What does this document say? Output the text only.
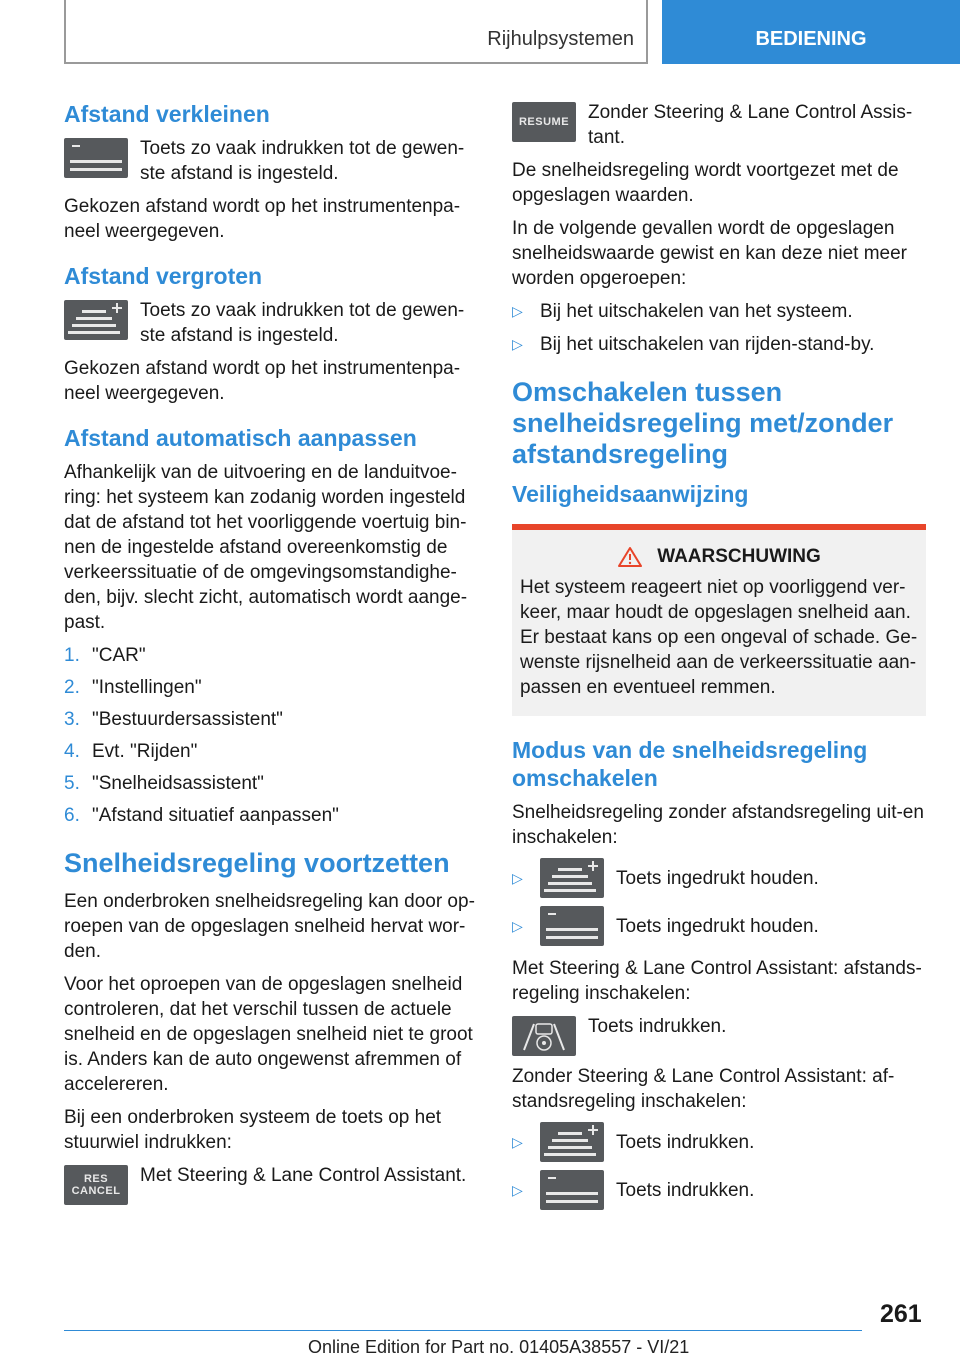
Rijhulpsystemen	BEDIENING
Afstand verkleinen
Toets zo vaak indrukken tot de gewen-ste afstand is ingesteld.

Gekozen afstand wordt op het instrumentenpa-neel weergegeven.

Afstand vergroten
Toets zo vaak indrukken tot de gewen-ste afstand is ingesteld.

Gekozen afstand wordt op het instrumentenpa-neel weergegeven.

Afstand automatisch aanpassen

Afhankelijk van de uitvoering en de landuitvoe-ring: het systeem kan zodanig worden ingesteld dat de afstand tot het voorliggende voertuig bin-nen de ingestelde afstand overeenkomstig de verkeerssituatie of de omgevingsomstandighe-den, bijv. slecht zicht, automatisch wordt aange-past.

1. "CAR"
2. "Instellingen"
3. "Bestuurdersassistent"
4. Evt. "Rijden"
5. "Snelheidsassistent"
6. "Afstand situatief aanpassen"
Snelheidsregeling voortzetten

Een onderbroken snelheidsregeling kan door op-roepen van de opgeslagen snelheid hervat wor-den.

Voor het oproepen van de opgeslagen snelheid controleren, dat het verschil tussen de actuele snelheid en de opgeslagen snelheid niet te groot is. Anders kan de auto ongewenst afremmen of accelereren.

Bij een onderbroken systeem de toets op het stuurwiel indrukken:

RES
CANCEL
Met Steering & Lane Control Assistant.
RESUME Zonder Steering & Lane Control Assis-tant.

De snelheidsregeling wordt voortgezet met de opgeslagen waarden.

In de volgende gevallen wordt de opgeslagen snelheidswaarde gewist en kan deze niet meer worden opgeroepen:

▷ Bij het uitschakelen van het systeem.
▷ Bij het uitschakelen van rijden-stand-by.
Omschakelen tussen snelheidsregeling met/zonder afstandsregeling
Veiligheidsaanwijzing
WAARSCHUWING
Het systeem reageert niet op voorliggend ver-keer, maar houdt de opgeslagen snelheid aan. Er bestaat kans op een ongeval of schade. Ge-wenste rijsnelheid aan de verkeerssituatie aan-passen en eventueel remmen.
Modus van de snelheidsregeling omschakelen

Snelheidsregeling zonder afstandsregeling uit-en inschakelen:

▷	Toets ingedrukt houden.
▷	Toets ingedrukt houden.

Met Steering & Lane Control Assistant: afstands-regeling inschakelen:

Toets indrukken.

Zonder Steering & Lane Control Assistant: af-standsregeling inschakelen:

▷	Toets indrukken.
▷	Toets indrukken.
261
Online Edition for Part no. 01405A38557 - VI/21
